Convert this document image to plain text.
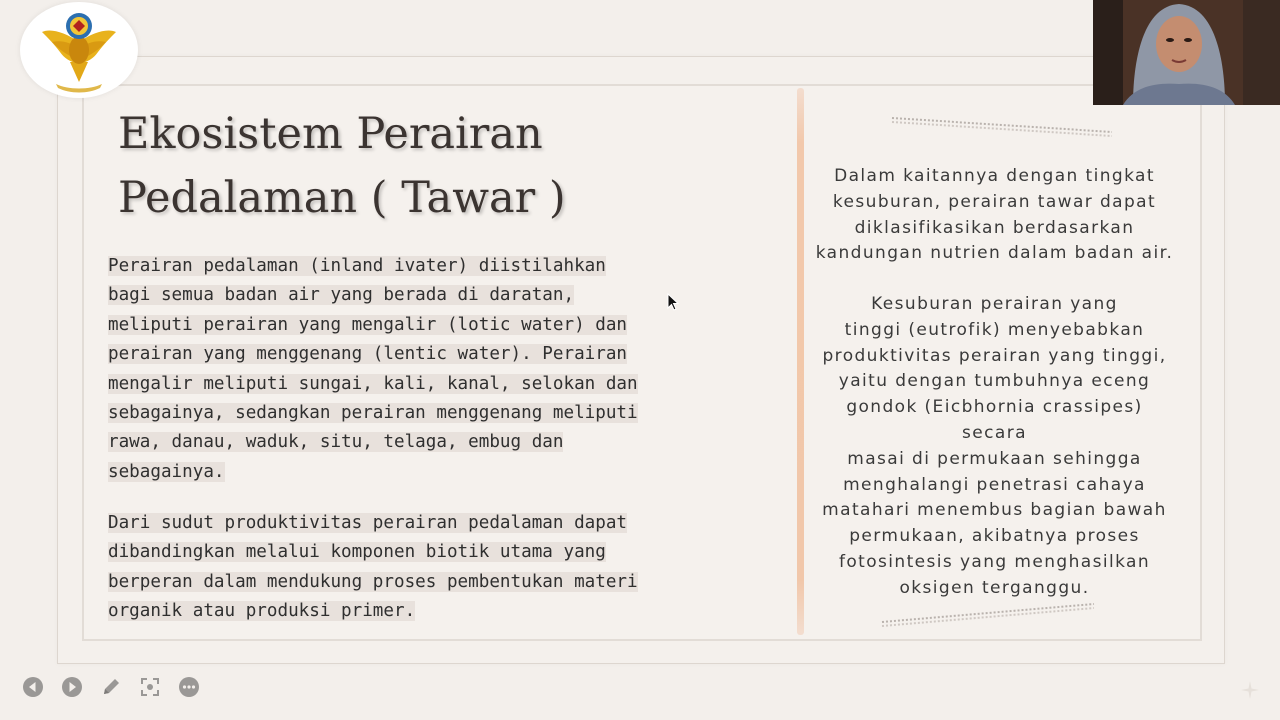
Ekosistem Perairan
Pedalaman ( Tawar )

Perairan pedalaman (inland ivater) diistilahkan
bagi semua badan air yang berada di daratan,
meliputi perairan yang mengalir (lotic water) dan
perairan yang menggenang (lentic water). Perairan
mengalir meliputi sungai, kali, kanal, selokan dan
sebagainya, sedangkan perairan menggenang meliputi
rawa, danau, waduk, situ, telaga, embug dan
sebagainya.

Dari sudut produktivitas perairan pedalaman dapat
dibandingkan melalui komponen biotik utama yang
berperan dalam mendukung proses pembentukan materi
organik atau produksi primer.

Dalam kaitannya dengan tingkat
kesuburan, perairan tawar dapat
diklasifikasikan berdasarkan
kandungan nutrien dalam badan air.

Kesuburan perairan yang
tinggi (eutrofik) menyebabkan
produktivitas perairan yang tinggi,
yaitu dengan tumbuhnya eceng
gondok (Eicbhornia crassipes) secara
masai di permukaan sehingga
menghalangi penetrasi cahaya
matahari menembus bagian bawah
permukaan, akibatnya proses
fotosintesis yang menghasilkan
oksigen terganggu.
